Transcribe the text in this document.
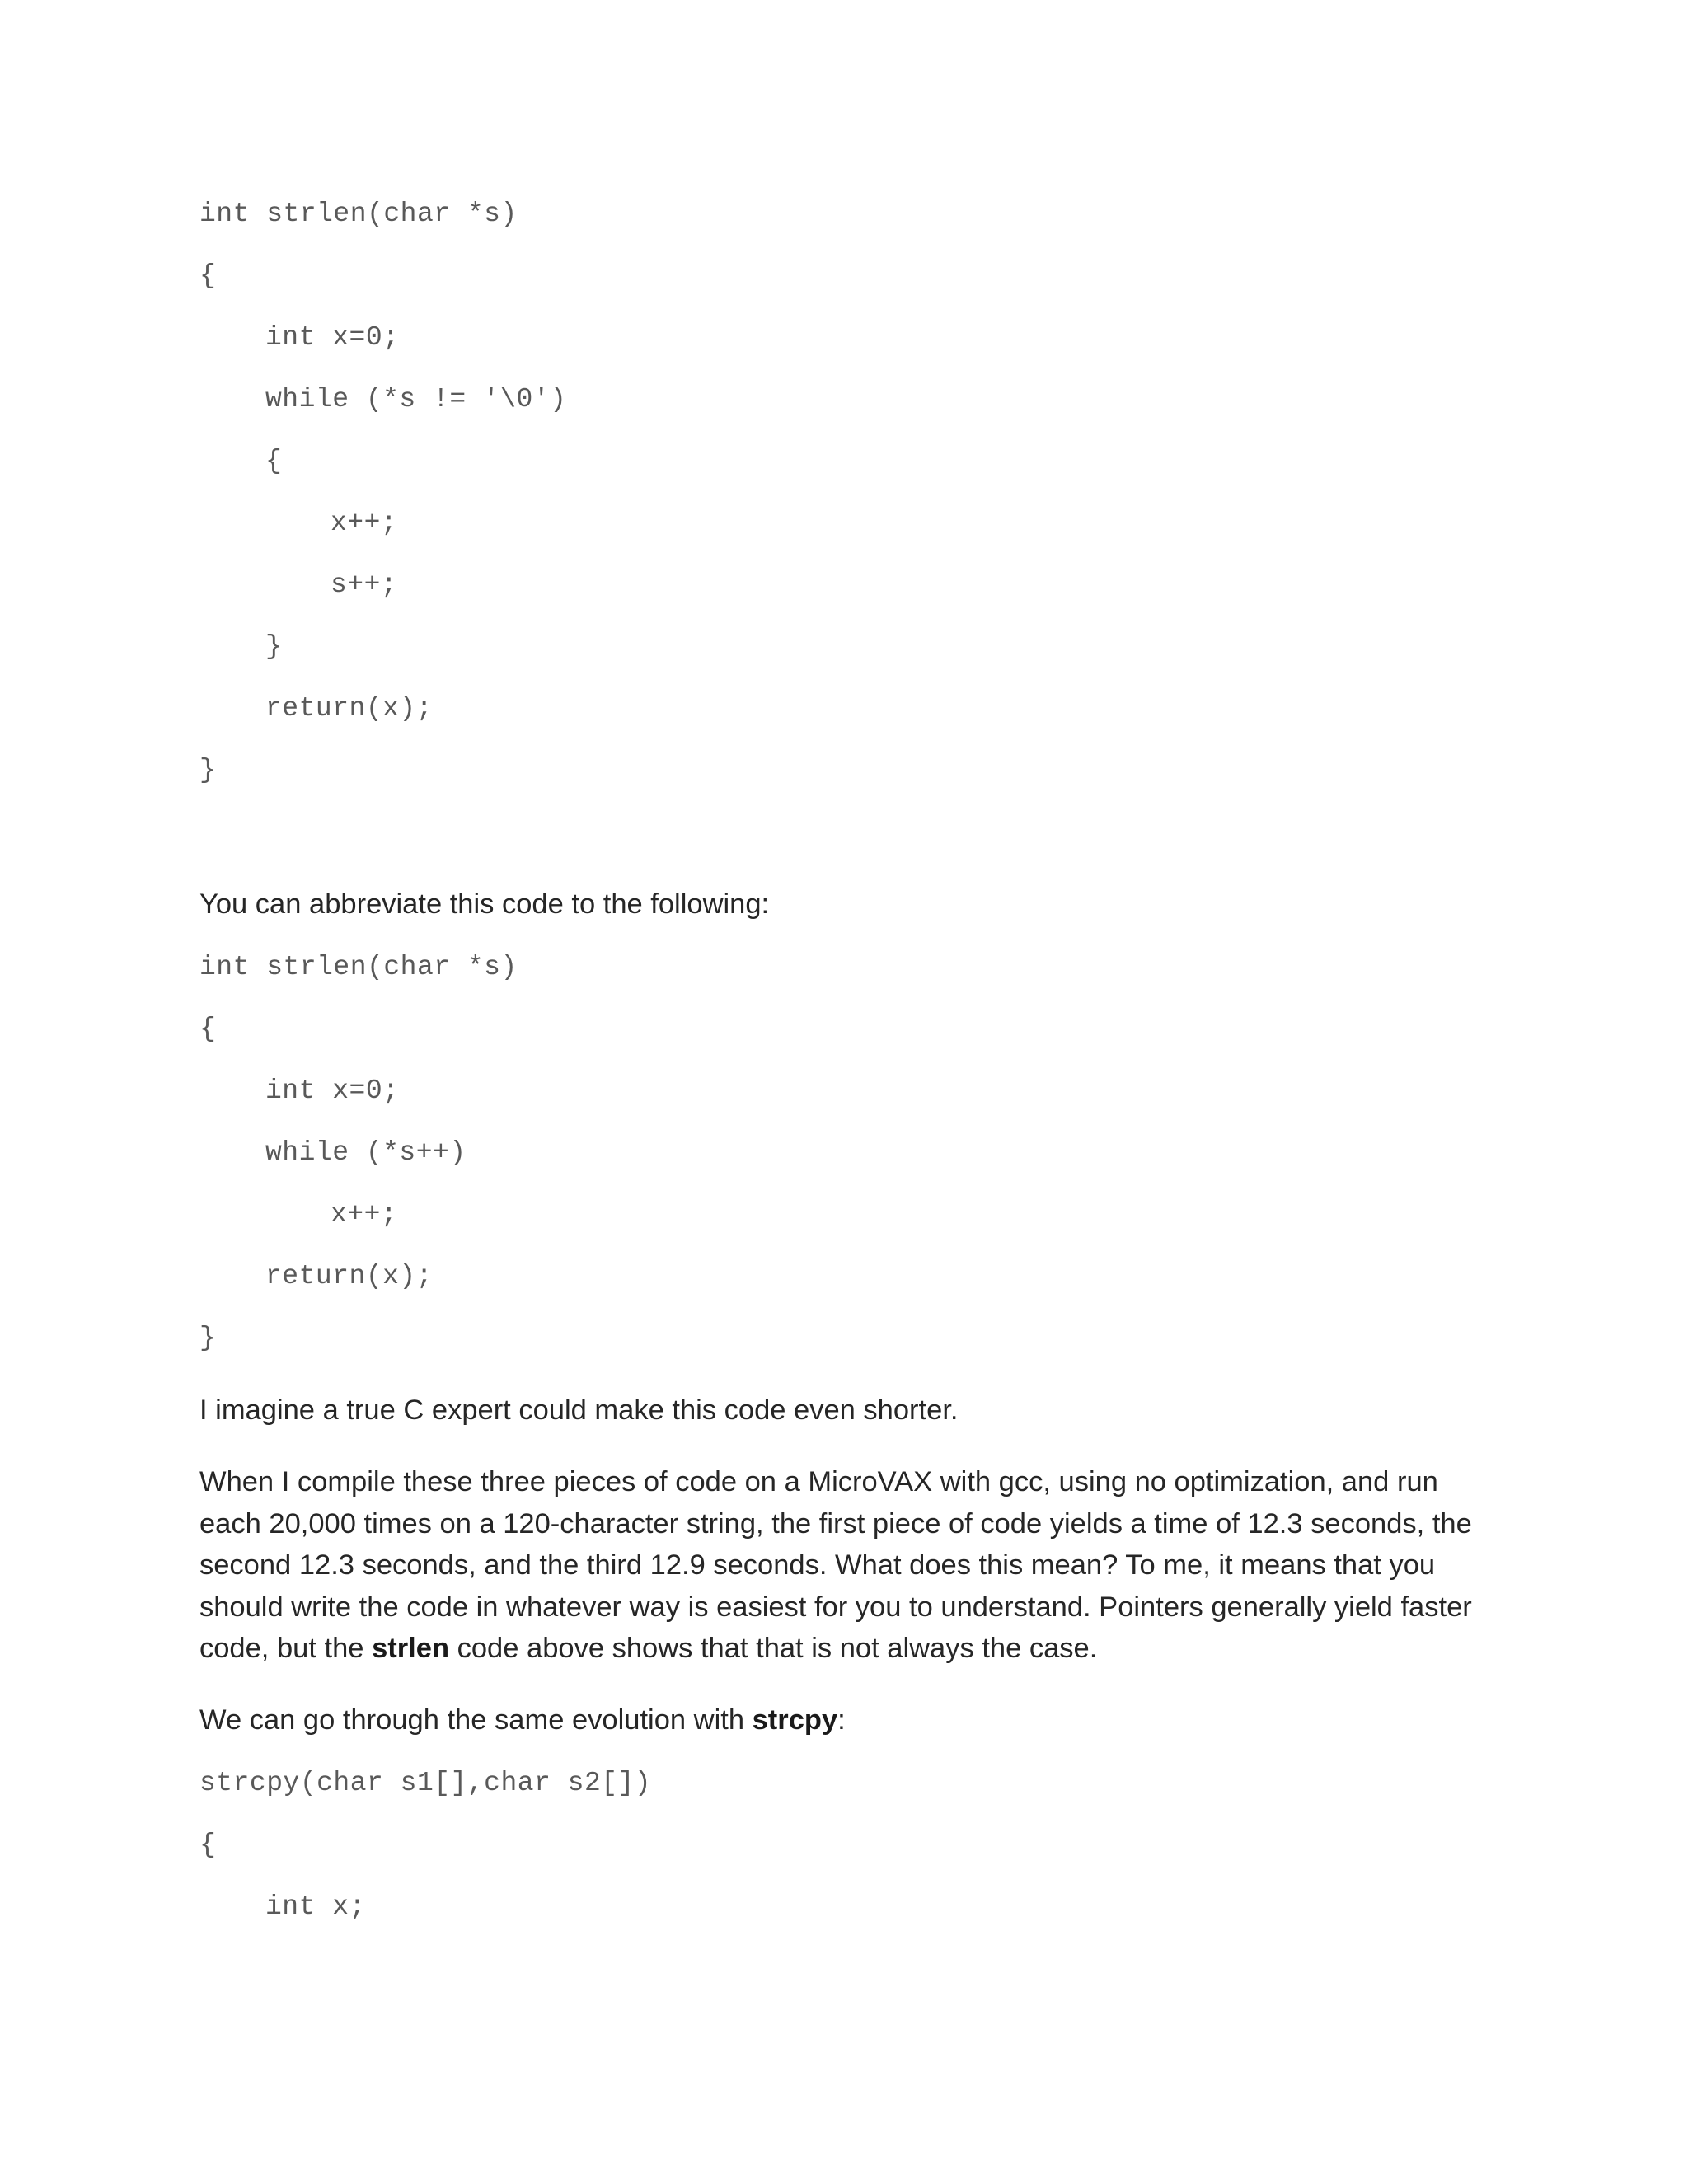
int strlen(char *s)
{
int x=0;
while (*s != '\0')
{
x++;
s++;
}
return(x);
}
You can abbreviate this code to the following:
int strlen(char *s)
{
int x=0;
while (*s++)
x++;
return(x);
}
I imagine a true C expert could make this code even shorter.
When I compile these three pieces of code on a MicroVAX with gcc, using no optimization, and run each 20,000 times on a 120-character string, the first piece of code yields a time of 12.3 seconds, the second 12.3 seconds, and the third 12.9 seconds. What does this mean? To me, it means that you should write the code in whatever way is easiest for you to understand. Pointers generally yield faster code, but the strlen code above shows that that is not always the case.
We can go through the same evolution with strcpy:
strcpy(char s1[],char s2[])
{
int x;
